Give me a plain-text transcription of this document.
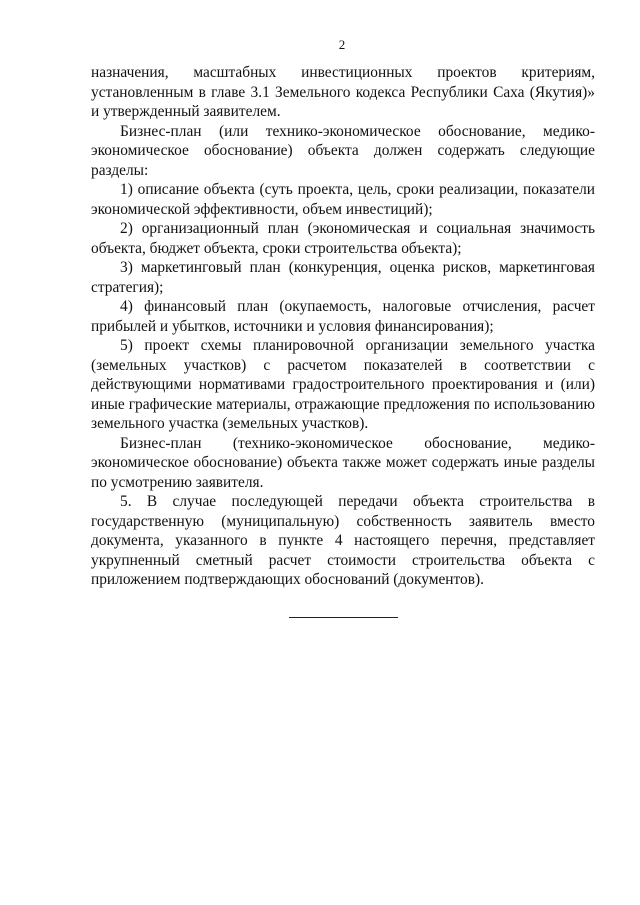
2

назначения, масштабных инвестиционных проектов критериям, установленным в главе 3.1 Земельного кодекса Республики Саха (Якутия)» и утвержденный заявителем.

Бизнес-план (или технико-экономическое обоснование, медико-экономическое обоснование) объекта должен содержать следующие разделы:

1) описание объекта (суть проекта, цель, сроки реализации, показатели экономической эффективности, объем инвестиций);

2) организационный план (экономическая и социальная значимость объекта, бюджет объекта, сроки строительства объекта);

3) маркетинговый план (конкуренция, оценка рисков, маркетинговая стратегия);

4) финансовый план (окупаемость, налоговые отчисления, расчет прибылей и убытков, источники и условия финансирования);

5) проект схемы планировочной организации земельного участка (земельных участков) с расчетом показателей в соответствии с действующими нормативами градостроительного проектирования и (или) иные графические материалы, отражающие предложения по использованию земельного участка (земельных участков).

Бизнес-план (технико-экономическое обоснование, медико-экономическое обоснование) объекта также может содержать иные разделы по усмотрению заявителя.

5. В случае последующей передачи объекта строительства в государственную (муниципальную) собственность заявитель вместо документа, указанного в пункте 4 настоящего перечня, представляет укрупненный сметный расчет стоимости строительства объекта с приложением подтверждающих обоснований (документов).
